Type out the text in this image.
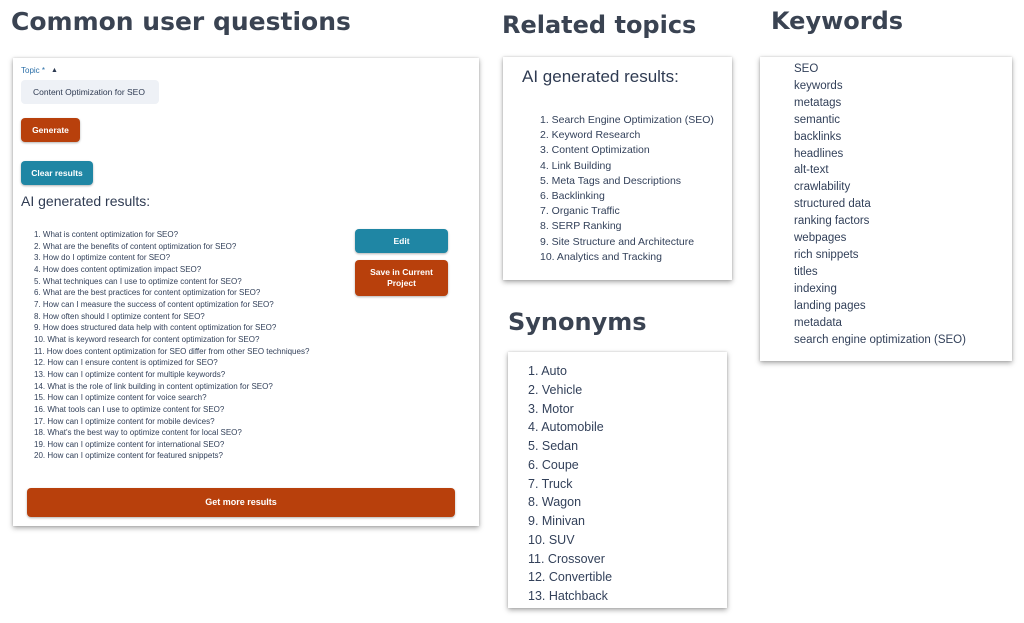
Common user questions	Related topics	Keywords
Synonyms
Topic * ▲
Content Optimization for SEO
Generate
Clear results
AI generated results:
1. What is content optimization for SEO?
2. What are the benefits of content optimization for SEO?
3. How do I optimize content for SEO?
4. How does content optimization impact SEO?
5. What techniques can I use to optimize content for SEO?
6. What are the best practices for content optimization for SEO?
7. How can I measure the success of content optimization for SEO?
8. How often should I optimize content for SEO?
9. How does structured data help with content optimization for SEO?
10. What is keyword research for content optimization for SEO?
11. How does content optimization for SEO differ from other SEO techniques?
12. How can I ensure content is optimized for SEO?
13. How can I optimize content for multiple keywords?
14. What is the role of link building in content optimization for SEO?
15. How can I optimize content for voice search?
16. What tools can I use to optimize content for SEO?
17. How can I optimize content for mobile devices?
18. What's the best way to optimize content for local SEO?
19. How can I optimize content for international SEO?
20. How can I optimize content for featured snippets?
Edit
Save in Current Project
Get more results
AI generated results:
1. Search Engine Optimization (SEO)
2. Keyword Research
3. Content Optimization
4. Link Building
5. Meta Tags and Descriptions
6. Backlinking
7. Organic Traffic
8. SERP Ranking
9. Site Structure and Architecture
10. Analytics and Tracking
1. Auto
2. Vehicle
3. Motor
4. Automobile
5. Sedan
6. Coupe
7. Truck
8. Wagon
9. Minivan
10. SUV
11. Crossover
12. Convertible
13. Hatchback
SEO
keywords
metatags
semantic
backlinks
headlines
alt-text
crawlability
structured data
ranking factors
webpages
rich snippets
titles
indexing
landing pages
metadata
search engine optimization (SEO)
